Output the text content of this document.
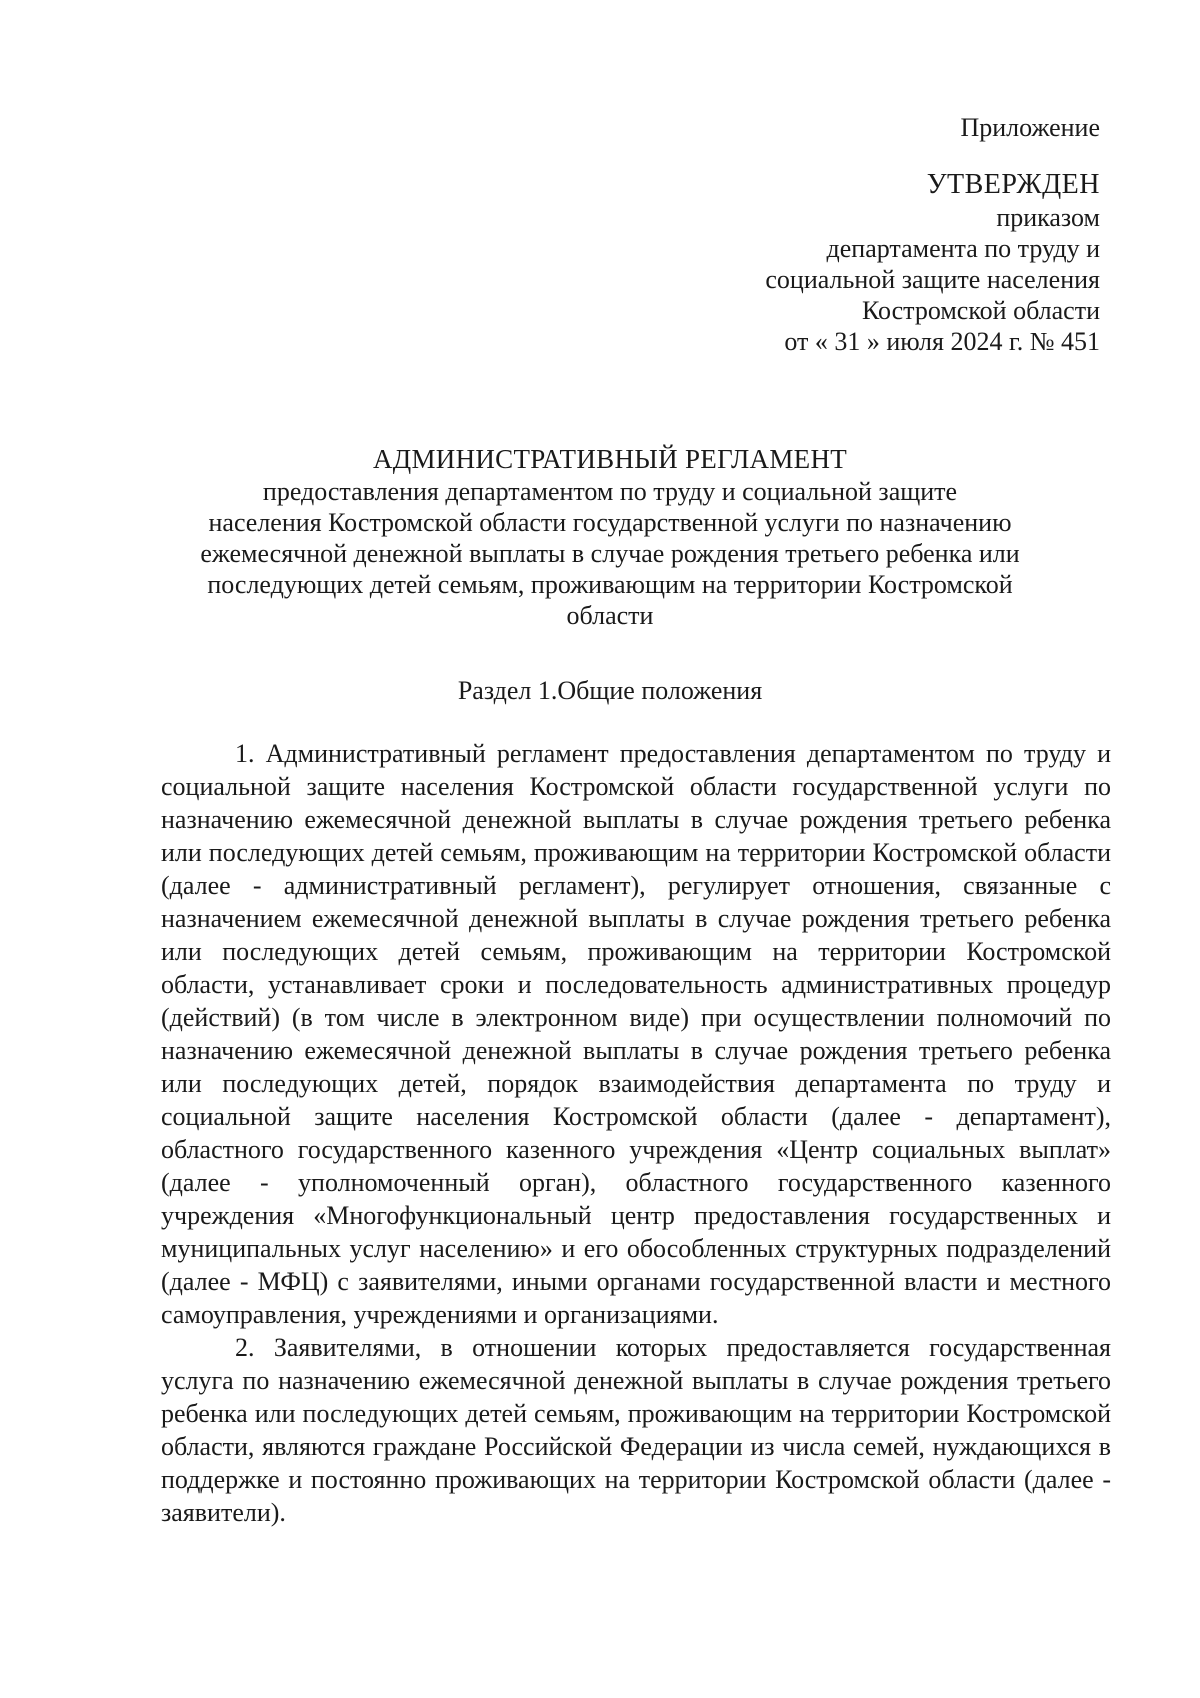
Приложение
УТВЕРЖДЕН
приказом
департамента по труду и
социальной защите населения
Костромской области
от « 31 » июля 2024 г. № 451
АДМИНИСТРАТИВНЫЙ РЕГЛАМЕНТ
предоставления департаментом по труду и социальной защите
населения Костромской области государственной услуги по назначению
ежемесячной денежной выплаты в случае рождения третьего ребенка или
последующих детей семьям, проживающим на территории Костромской
области
Раздел 1.Общие положения

1. Административный регламент предоставления департаментом по труду и социальной защите населения Костромской области государственной услуги по назначению ежемесячной денежной выплаты в случае рождения третьего ребенка или последующих детей семьям, проживающим на территории Костромской области (далее - административный регламент), регулирует отношения, связанные с назначением ежемесячной денежной выплаты в случае рождения третьего ребенка или последующих детей семьям, проживающим на территории Костромской области, устанавливает сроки и последовательность административных процедур (действий) (в том числе в электронном виде) при осуществлении полномочий по назначению ежемесячной денежной выплаты в случае рождения третьего ребенка или последующих детей, порядок взаимодействия департамента по труду и социальной защите населения Костромской области (далее - департамент), областного государственного казенного учреждения «Центр социальных выплат» (далее - уполномоченный орган), областного государственного казенного учреждения «Многофункциональный центр предоставления государственных и муниципальных услуг населению» и его обособленных структурных подразделений (далее - МФЦ) с заявителями, иными органами государственной власти и местного самоуправления, учреждениями и организациями.

2. Заявителями, в отношении которых предоставляется государственная услуга по назначению ежемесячной денежной выплаты в случае рождения третьего ребенка или последующих детей семьям, проживающим на территории Костромской области, являются граждане Российской Федерации из числа семей, нуждающихся в поддержке и постоянно проживающих на территории Костромской области (далее - заявители).
